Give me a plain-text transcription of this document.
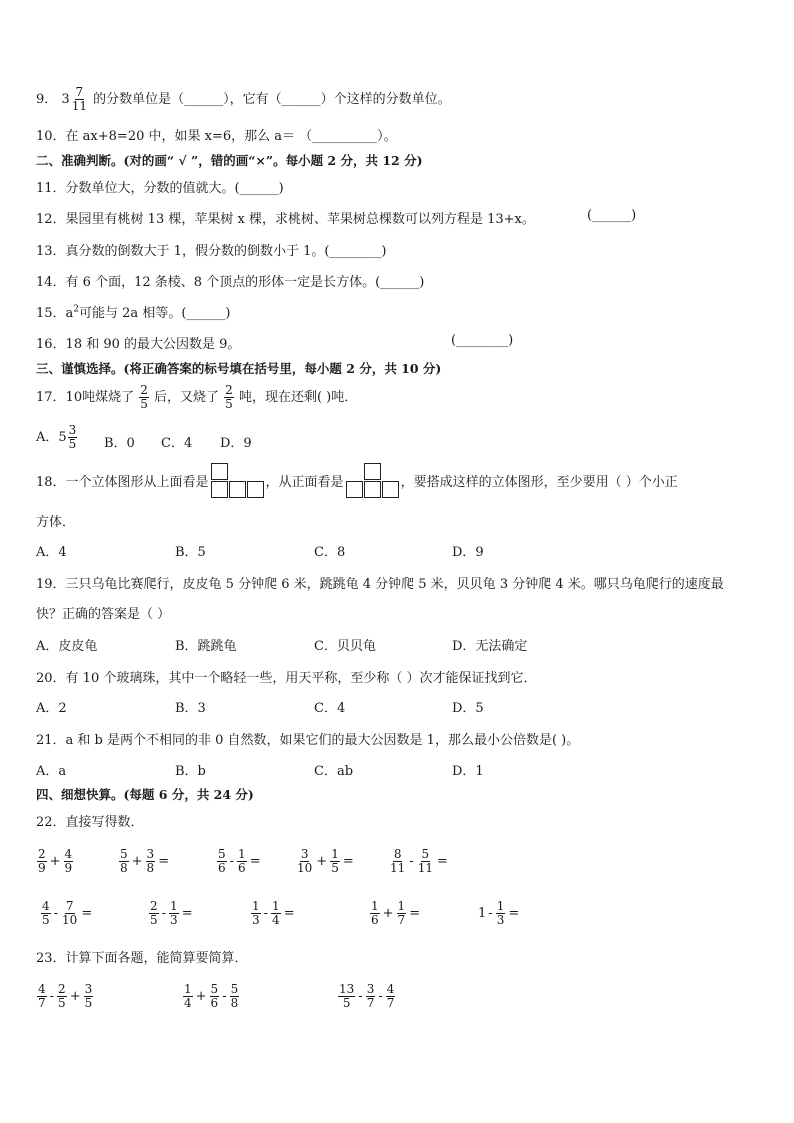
9． $3 \frac{7}{11}$ 的分数单位是（______），它有（______）个这样的分数单位。
10．在 ax+8=20 中，如果 x=6，那么 a＝ （__________）。
二、准确判断。(对的画“ √ ”，错的画“×”。每小题 2 分，共 12 分)
11．分数单位大，分数的值就大。(______)
12．果园里有桃树 13 棵，苹果树 x 棵，求桃树、苹果树总棵数可以列方程是 13+x。	(______)
13．真分数的倒数大于 1，假分数的倒数小于 1。(________)
14．有 6 个面，12 条棱、8 个顶点的形体一定是长方体。(______)
15．$a^2$可能与 2a 相等。(______)
16．18 和 90 的最大公因数是 9。	(________)
三、谨慎选择。(将正确答案的标号填在括号里，每小题 2 分，共 10 分)
17．10吨煤烧了 $\frac{2}{5}$ 后，又烧了 $\frac{2}{5}$ 吨，现在还剩( )吨．
A．$5 \frac{3}{5}$ B．0 C．4 D．9
18．一个立体图形从上面看是	，从正面看是	，要搭成这样的立体图形，至少要用（ ）个小正
方体．
A．4	B．5	C．8	D．9
19．三只乌龟比赛爬行，皮皮龟 5 分钟爬 6 米，跳跳龟 4 分钟爬 5 米，贝贝龟 3 分钟爬 4 米。哪只乌龟爬行的速度最
快？正确的答案是（ ）
A．皮皮龟	B．跳跳龟	C．贝贝龟	D．无法确定
20．有 10 个玻璃珠，其中一个略轻一些，用天平称，至少称（ ）次才能保证找到它．
A．2	B．3	C．4	D．5
21．a 和 b 是两个不相同的非 0 自然数，如果它们的最大公因数是 1，那么最小公倍数是( )。
A．a	B．b	C．ab	D．1
四、细想快算。(每题 6 分，共 24 分)
22．直接写得数．
$\frac{2}{9} + \frac{4}{9}$	$\frac{5}{8} + \frac{3}{8}$ =	$\frac{5}{6} - \frac{1}{6}$ =	$\frac{3}{10} + \frac{1}{5}$ =	$\frac{8}{11} - \frac{5}{11}$ =
$\frac{4}{5} - \frac{7}{10}$ =	$\frac{2}{5} - \frac{1}{3}$ =	$\frac{1}{3} - \frac{1}{4}$ =	$\frac{1}{6} + \frac{1}{7}$ =	$1 - \frac{1}{3}$ =
23．计算下面各题，能简算要简算．
$\frac{4}{7} - \frac{2}{5} + \frac{3}{5}$	$\frac{1}{4} + \frac{5}{6} - \frac{5}{8}$	$\frac{13}{5} - \frac{3}{7} - \frac{4}{7}$
